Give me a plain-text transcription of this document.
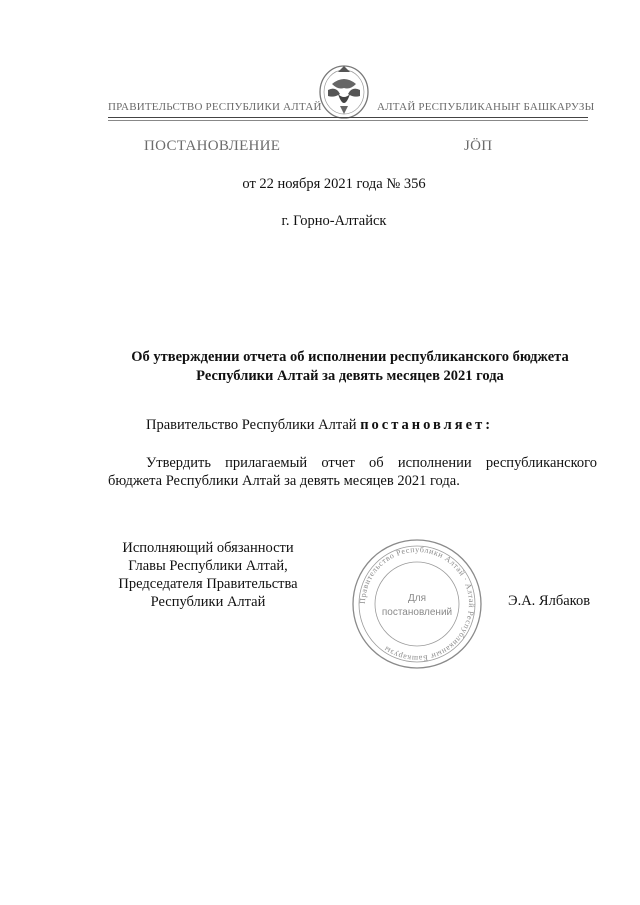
ПРАВИТЕЛЬСТВО РЕСПУБЛИКИ АЛТАЙ	АЛТАЙ РЕСПУБЛИКАНЫҤ БАШКАРУЗЫ
ПОСТАНОВЛЕНИЕ	ЈӦП
от 22 ноября 2021 года № 356
г. Горно-Алтайск
Об утверждении отчета об исполнении республиканского бюджета
Республики Алтай за девять месяцев 2021 года
Правительство Республики Алтай постановляет:
Утвердить прилагаемый отчет об исполнении республиканского бюджета Республики Алтай за девять месяцев 2021 года.
Исполняющий обязанности
Главы Республики Алтай,
Председателя Правительства
Республики Алтай	Правительство Республики Алтай · Алтай Республиканыҥ Башкарузы
Для
постановлений
Э.А. Ялбаков
